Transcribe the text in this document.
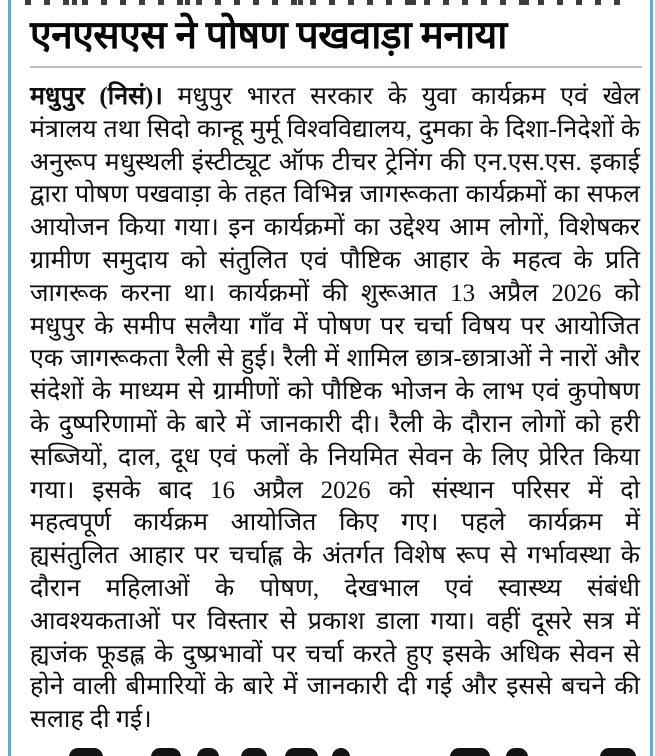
एनएसएस ने पोषण पखवाड़ा मनाया
मधुपुर (निसं)। मधुपुर भारत सरकार के युवा कार्यक्रम एवं खेल
मंत्रालय तथा सिदो कान्हू मुर्मू विश्वविद्यालय, दुमका के दिशा-निदेशों के
अनुरूप मधुस्थली इंस्टीट्यूट ऑफ टीचर ट्रेनिंग की एन.एस.एस. इकाई
द्वारा पोषण पखवाड़ा के तहत विभिन्न जागरूकता कार्यक्रमों का सफल
आयोजन किया गया। इन कार्यक्रमों का उद्देश्य आम लोगों, विशेषकर
ग्रामीण समुदाय को संतुलित एवं पौष्टिक आहार के महत्व के प्रति
जागरूक करना था। कार्यक्रमों की शुरूआत 13 अप्रैल 2026 को
मधुपुर के समीप सलैया गाँव में पोषण पर चर्चा विषय पर आयोजित
एक जागरूकता रैली से हुई। रैली में शामिल छात्र-छात्राओं ने नारों और
संदेशों के माध्यम से ग्रामीणों को पौष्टिक भोजन के लाभ एवं कुपोषण
के दुष्परिणामों के बारे में जानकारी दी। रैली के दौरान लोगों को हरी
सब्जियों, दाल, दूध एवं फलों के नियमित सेवन के लिए प्रेरित किया
गया। इसके बाद 16 अप्रैल 2026 को संस्थान परिसर में दो
महत्वपूर्ण कार्यक्रम आयोजित किए गए। पहले कार्यक्रम में
ह्यसंतुलित आहार पर चर्चाह्ल के अंतर्गत विशेष रूप से गर्भावस्था के
दौरान महिलाओं के पोषण, देखभाल एवं स्वास्थ्य संबंधी
आवश्यकताओं पर विस्तार से प्रकाश डाला गया। वहीं दूसरे सत्र में
ह्यजंक फूडह्ल के दुष्प्रभावों पर चर्चा करते हुए इसके अधिक सेवन से
होने वाली बीमारियों के बारे में जानकारी दी गई और इससे बचने की
सलाह दी गई।
